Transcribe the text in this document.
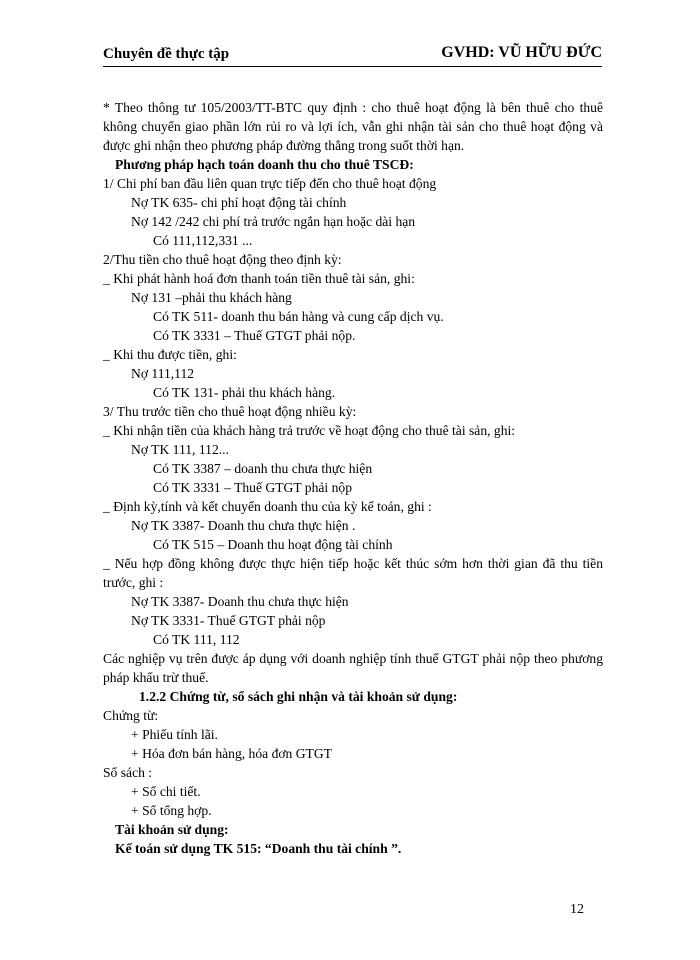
Chuyên đề thực tập	GVHD: VŨ HỮU ĐỨC

* Theo thông tư 105/2003/TT-BTC quy định : cho thuê hoạt động là bên thuê cho thuê không chuyển giao phần lớn rủi ro và lợi ích, vẫn ghi nhận tài sản cho thuê hoạt động và được ghi nhận theo phương pháp đường thẳng trong suốt thời hạn.

Phương pháp hạch toán doanh thu cho thuê TSCĐ:

1/ Chi phí ban đầu liên quan trực tiếp đến cho thuê hoạt động

Nợ TK 635- chi phí hoạt động tài chính

Nợ 142 /242 chi phí trả trước ngắn hạn hoặc dài hạn

Có 111,112,331 ...

2/Thu tiền cho thuê hoạt động theo định kỳ:

_ Khi phát hành hoá đơn thanh toán tiền thuê tài sản, ghi:

Nợ 131 –phải thu khách hàng

Có TK 511- doanh thu bán hàng và cung cấp dịch vụ.

Có TK 3331 – Thuế GTGT phải nộp.

_ Khi thu được tiền, ghi:

Nợ 111,112

Có TK 131- phải thu khách hàng.

3/ Thu trước tiền cho thuê hoạt động nhiều kỳ:

_ Khi nhận tiền của khách hàng trả trước về hoạt động cho thuê tài sản, ghi:

Nợ TK 111, 112...

Có TK 3387 – doanh thu chưa thực hiện

Có TK 3331 – Thuế GTGT phải nộp

_ Định kỳ,tính và kết chuyển doanh thu của kỳ kế toán, ghi :

Nợ TK 3387- Doanh thu chưa thực hiện .

Có TK 515 – Doanh thu hoạt động tài chính

_ Nếu hợp đồng không được thực hiện tiếp hoặc kết thúc sớm hơn thời gian đã thu tiền trước, ghi :

Nợ TK 3387- Doanh thu chưa thực hiện

Nợ TK 3331- Thuế GTGT phải nộp

Có TK 111, 112

Các nghiệp vụ trên được áp dụng với doanh nghiệp tính thuế GTGT phải nộp theo phương pháp khấu trừ thuế.

1.2.2 Chứng từ, sổ sách ghi nhận và tài khoản sử dụng:

Chứng từ:

+ Phiếu tính lãi.

+ Hóa đơn bán hàng, hóa đơn GTGT

Sổ sách :

+ Sổ chi tiết.

+ Sổ tổng hợp.

Tài khoản sử dụng:

Kế toán sử dụng TK 515: “Doanh thu tài chính ”.

12
